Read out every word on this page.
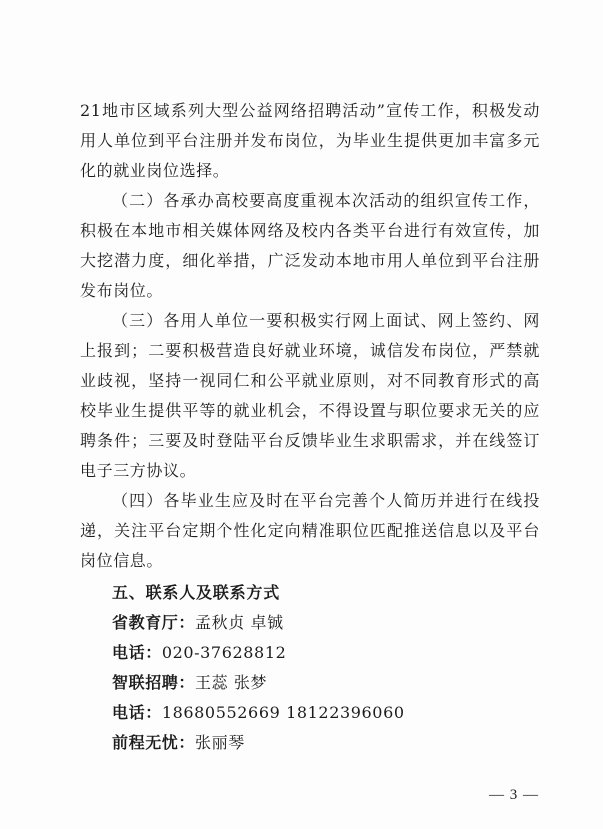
21地市区域系列大型公益网络招聘活动”宣传工作，积极发动用人单位到平台注册并发布岗位，为毕业生提供更加丰富多元化的就业岗位选择。

（二）各承办高校要高度重视本次活动的组织宣传工作，积极在本地市相关媒体网络及校内各类平台进行有效宣传，加大挖潜力度，细化举措，广泛发动本地市用人单位到平台注册发布岗位。

（三）各用人单位一要积极实行网上面试、网上签约、网上报到；二要积极营造良好就业环境，诚信发布岗位，严禁就业歧视，坚持一视同仁和公平就业原则，对不同教育形式的高校毕业生提供平等的就业机会，不得设置与职位要求无关的应聘条件；三要及时登陆平台反馈毕业生求职需求，并在线签订电子三方协议。

（四）各毕业生应及时在平台完善个人简历并进行在线投递，关注平台定期个性化定向精准职位匹配推送信息以及平台岗位信息。

五、联系人及联系方式

省教育厅：孟秋贞 卓铖

电话：020-37628812

智联招聘：王蕊 张梦

电话：18680552669 18122396060

前程无忧：张丽琴

— 3 —
